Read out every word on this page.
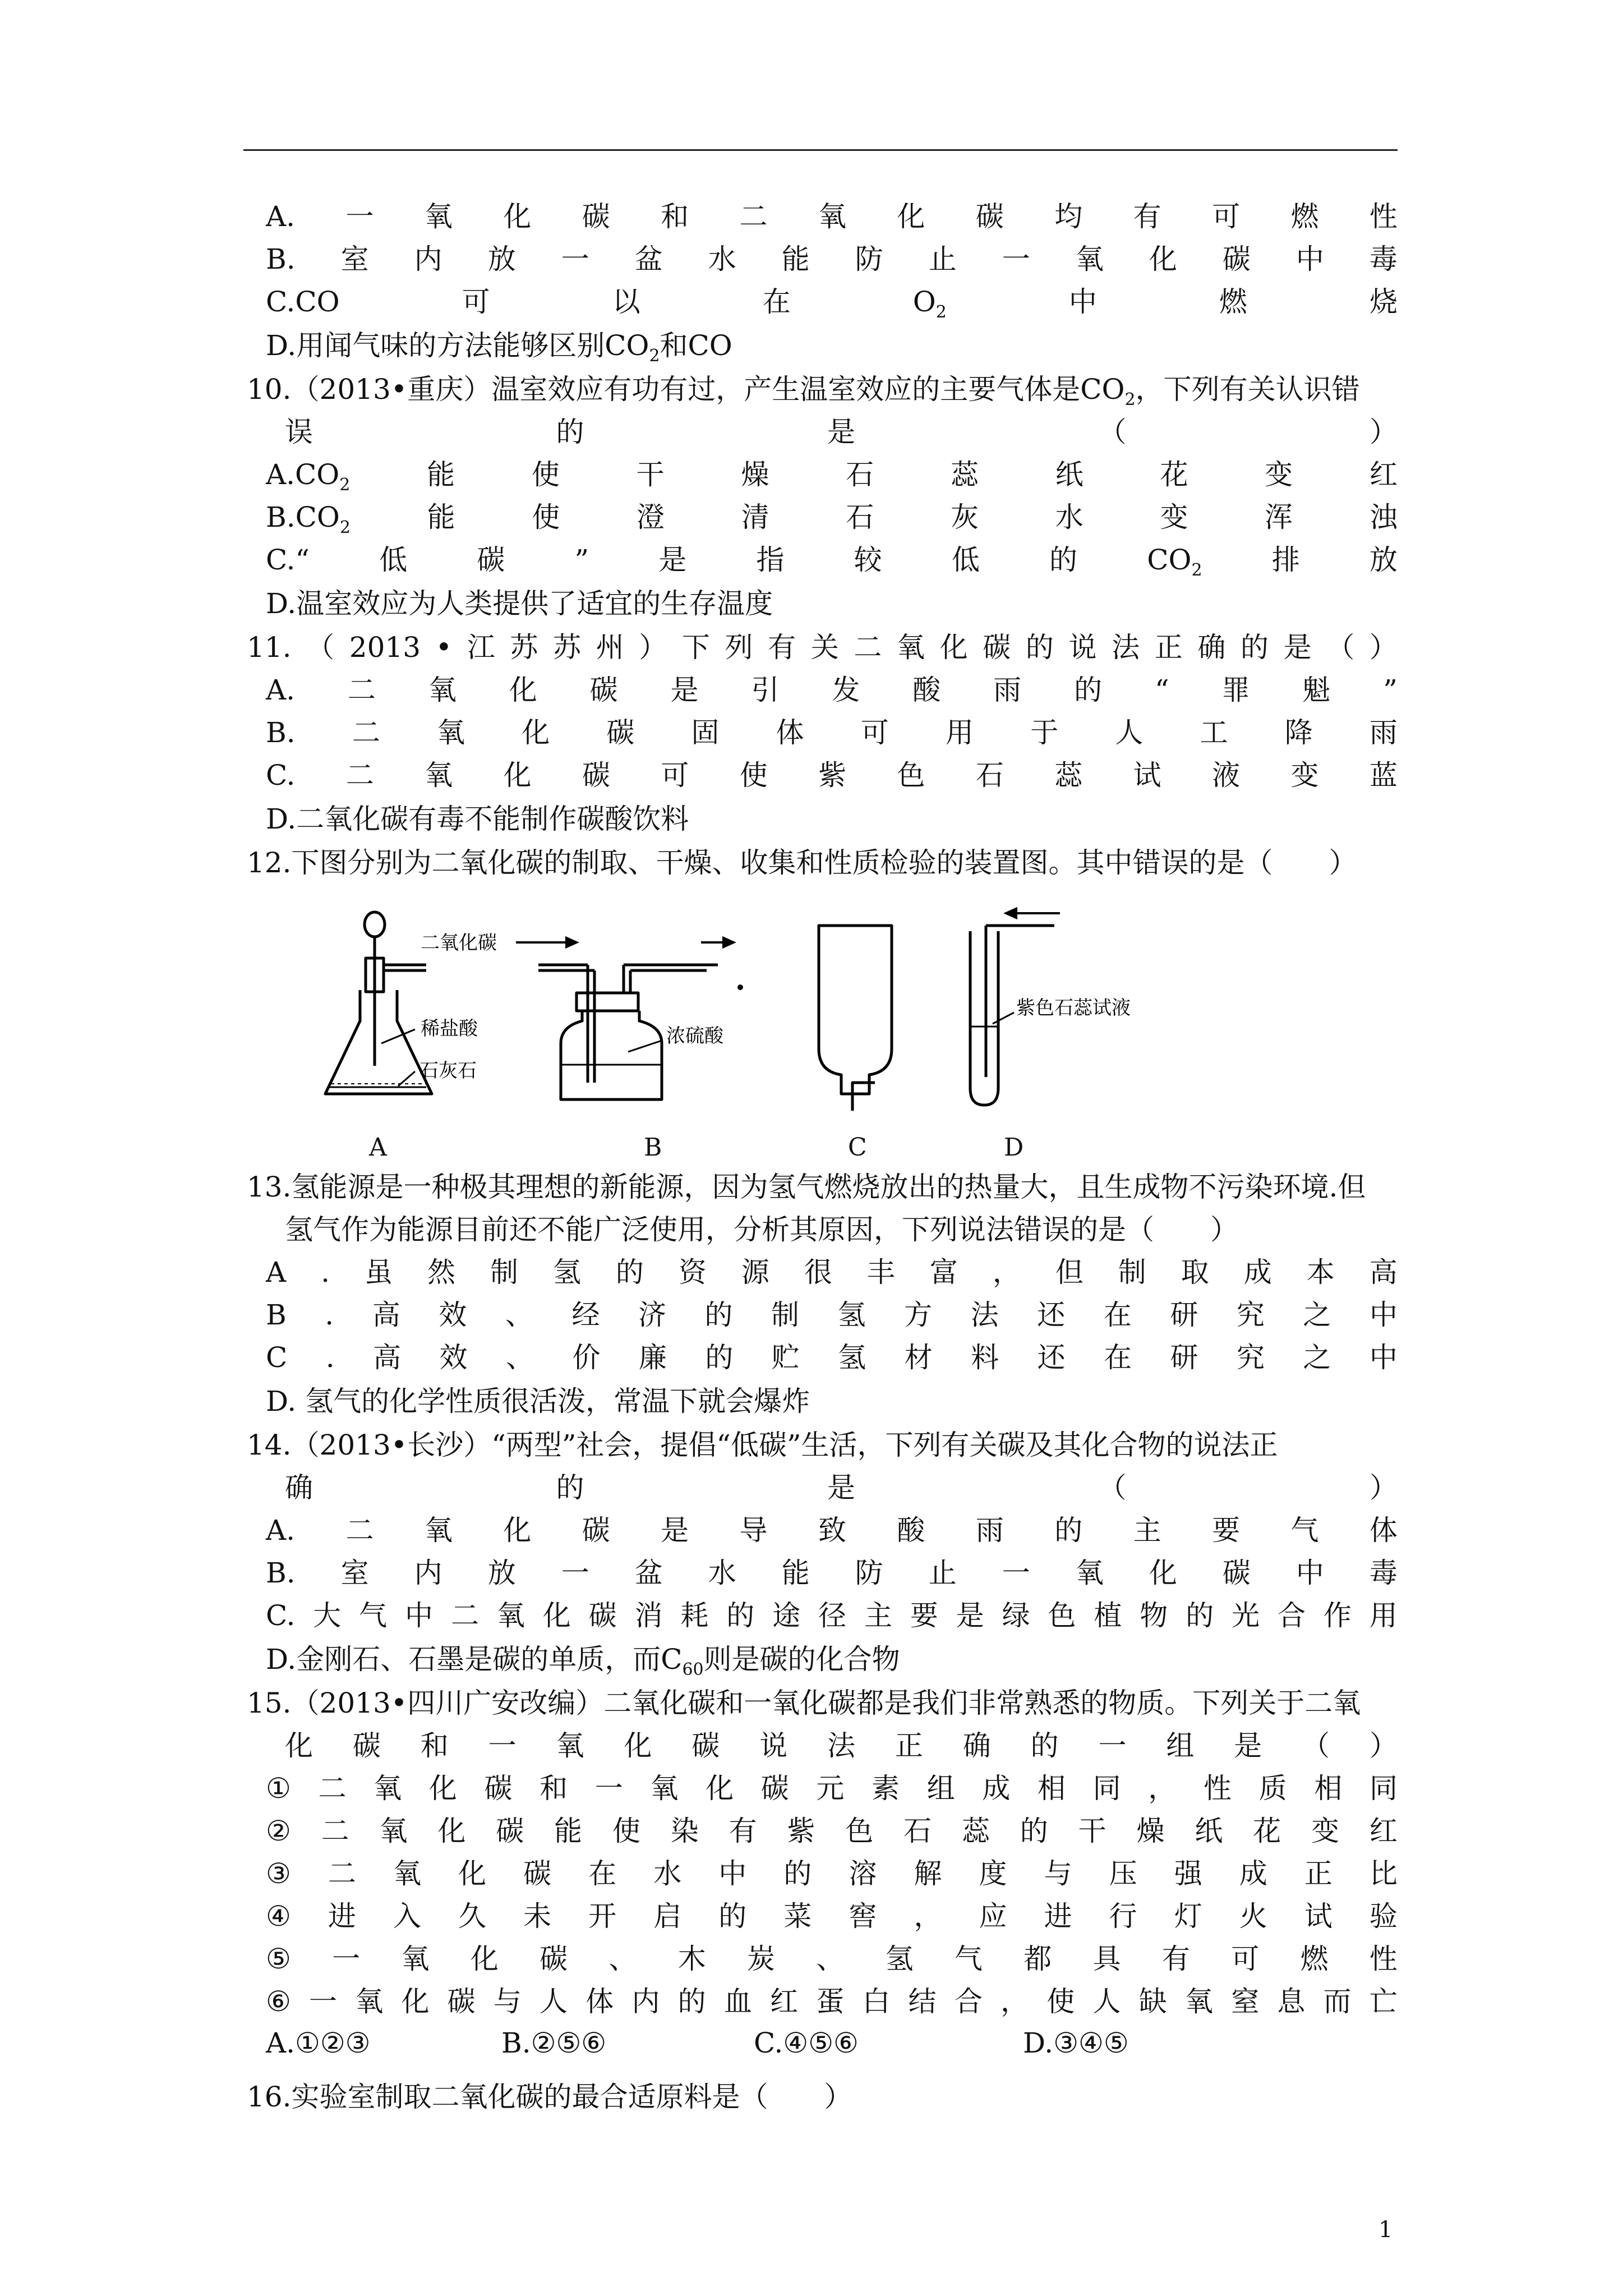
A. 一 氧 化 碳 和 二 氧 化 碳 均 有 可 燃 性
B. 室 内 放 一 盆 水 能 防 止 一 氧 化 碳 中 毒
C.CO	可	以	在	$O_2$	中	燃	烧
D.用闻气味的方法能够区别$CO_2$和CO
10.（2013•重庆）温室效应有功有过，产生温室效应的主要气体是$CO_2$，下列有关认识错
误	的	是	（	）
$A.CO_2$	能	使	干	燥	石	蕊	纸	花	变	红
$B.CO_2$	能	使	澄	清	石	灰	水	变	浑	浊
C.“ 低 碳 ” 是 指 较 低 的 $CO_2$ 排 放
D.温室效应为人类提供了适宜的生存温度
11. （ 2013 • 江 苏 苏 州 ） 下 列 有 关 二 氧 化 碳 的 说 法 正 确 的 是 （ ）
A. 二 氧 化 碳 是 引 发 酸 雨 的 “ 罪 魁 ”
B. 二 氧 化 碳 固 体 可 用 于 人 工 降 雨
C. 二 氧 化 碳 可 使 紫 色 石 蕊 试 液 变 蓝
D.二氧化碳有毒不能制作碳酸饮料
12.下图分别为二氧化碳的制取、干燥、收集和性质检验的装置图。其中错误的是（　　）
13.氢能源是一种极其理想的新能源，因为氢气燃烧放出的热量大，且生成物不污染环境.但
氢气作为能源目前还不能广泛使用，分析其原因，下列说法错误的是（　　）
A . 虽 然 制 氢 的 资 源 很 丰 富 ， 但 制 取 成 本 高
B . 高 效 、 经 济 的 制 氢 方 法 还 在 研 究 之 中
C . 高 效 、 价 廉 的 贮 氢 材 料 还 在 研 究 之 中
D. 氢气的化学性质很活泼，常温下就会爆炸
14.（2013•长沙）“两型”社会，提倡“低碳”生活，下列有关碳及其化合物的说法正
确	的	是	（	）
A. 二 氧 化 碳 是 导 致 酸 雨 的 主 要 气 体
B. 室 内 放 一 盆 水 能 防 止 一 氧 化 碳 中 毒
C. 大 气 中 二 氧 化 碳 消 耗 的 途 径 主 要 是 绿 色 植 物 的 光 合 作 用
D.金刚石、石墨是碳的单质，而$C_{60}$则是碳的化合物
15.（2013•四川广安改编）二氧化碳和一氧化碳都是我们非常熟悉的物质。下列关于二氧
化 碳 和 一 氧 化 碳 说 法 正 确 的 一 组 是 （ ）
① 二 氧 化 碳 和 一 氧 化 碳 元 素 组 成 相 同 ， 性 质 相 同
② 二 氧 化 碳 能 使 染 有 紫 色 石 蕊 的 干 燥 纸 花 变 红
③ 二 氧 化 碳 在 水 中 的 溶 解 度 与 压 强 成 正 比
④ 进 入 久 未 开 启 的 菜 窖 ， 应 进 行 灯 火 试 验
⑤ 一 氧 化 碳 、 木 炭 、 氢 气 都 具 有 可 燃 性
⑥ 一 氧 化 碳 与 人 体 内 的 血 红 蛋 白 结 合 ， 使 人 缺 氧 窒 息 而 亡
16.实验室制取二氧化碳的最合适原料是（　　）
A.①②③	B.②⑤⑥	C.④⑤⑥	D.③④⑤
二氧化碳
稀盐酸
石灰石
浓硫酸
紫色石蕊试液
A	B	C	D
1
